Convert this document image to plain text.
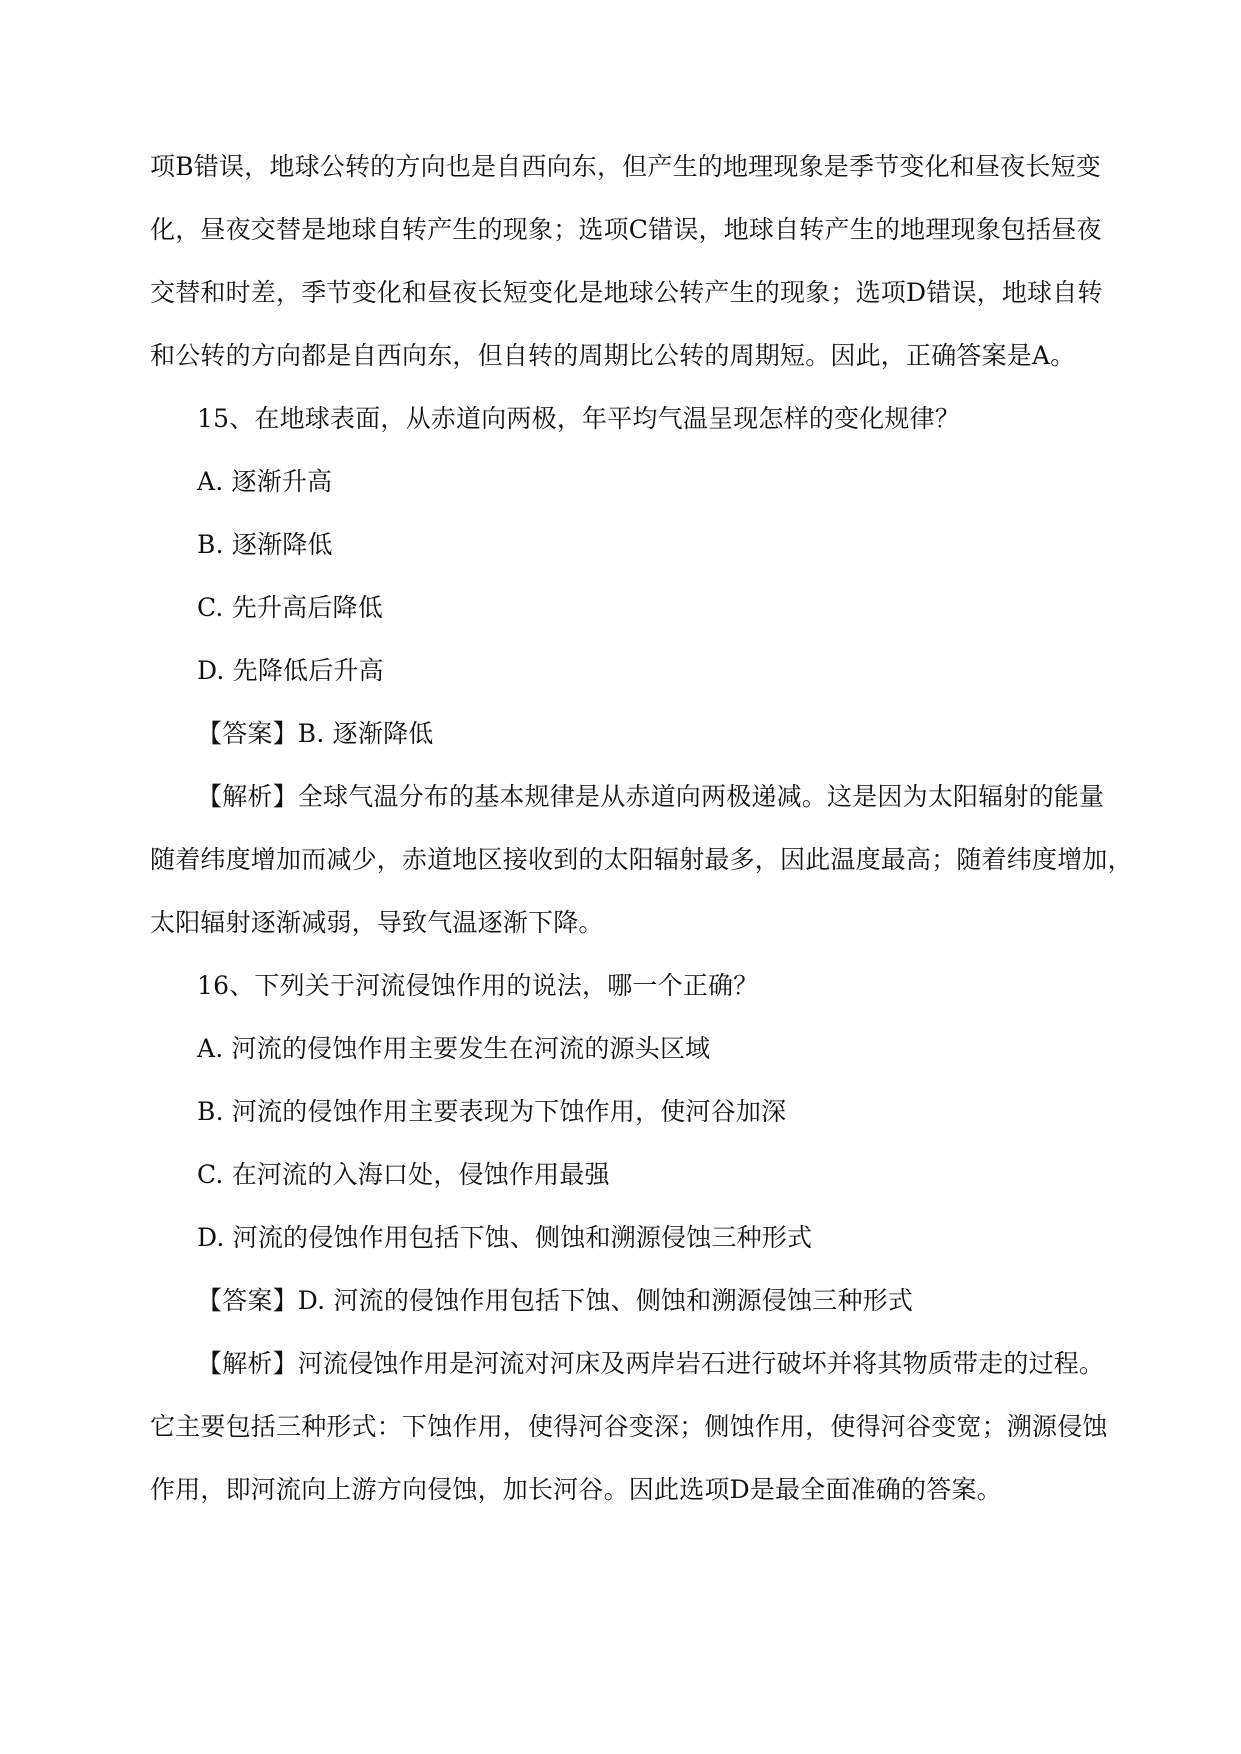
项B错误，地球公转的方向也是自西向东，但产生的地理现象是季节变化和昼夜长短变
化，昼夜交替是地球自转产生的现象；选项C错误，地球自转产生的地理现象包括昼夜
交替和时差，季节变化和昼夜长短变化是地球公转产生的现象；选项D错误，地球自转
和公转的方向都是自西向东，但自转的周期比公转的周期短。因此，正确答案是A。
15、在地球表面，从赤道向两极，年平均气温呈现怎样的变化规律？
A. 逐渐升高
B. 逐渐降低
C. 先升高后降低
D. 先降低后升高
【答案】B. 逐渐降低
【解析】全球气温分布的基本规律是从赤道向两极递减。这是因为太阳辐射的能量
随着纬度增加而减少，赤道地区接收到的太阳辐射最多，因此温度最高；随着纬度增加，
太阳辐射逐渐减弱，导致气温逐渐下降。
16、下列关于河流侵蚀作用的说法，哪一个正确？
A. 河流的侵蚀作用主要发生在河流的源头区域
B. 河流的侵蚀作用主要表现为下蚀作用，使河谷加深
C. 在河流的入海口处，侵蚀作用最强
D. 河流的侵蚀作用包括下蚀、侧蚀和溯源侵蚀三种形式
【答案】D. 河流的侵蚀作用包括下蚀、侧蚀和溯源侵蚀三种形式
【解析】河流侵蚀作用是河流对河床及两岸岩石进行破坏并将其物质带走的过程。
它主要包括三种形式：下蚀作用，使得河谷变深；侧蚀作用，使得河谷变宽；溯源侵蚀
作用，即河流向上游方向侵蚀，加长河谷。因此选项D是最全面准确的答案。
